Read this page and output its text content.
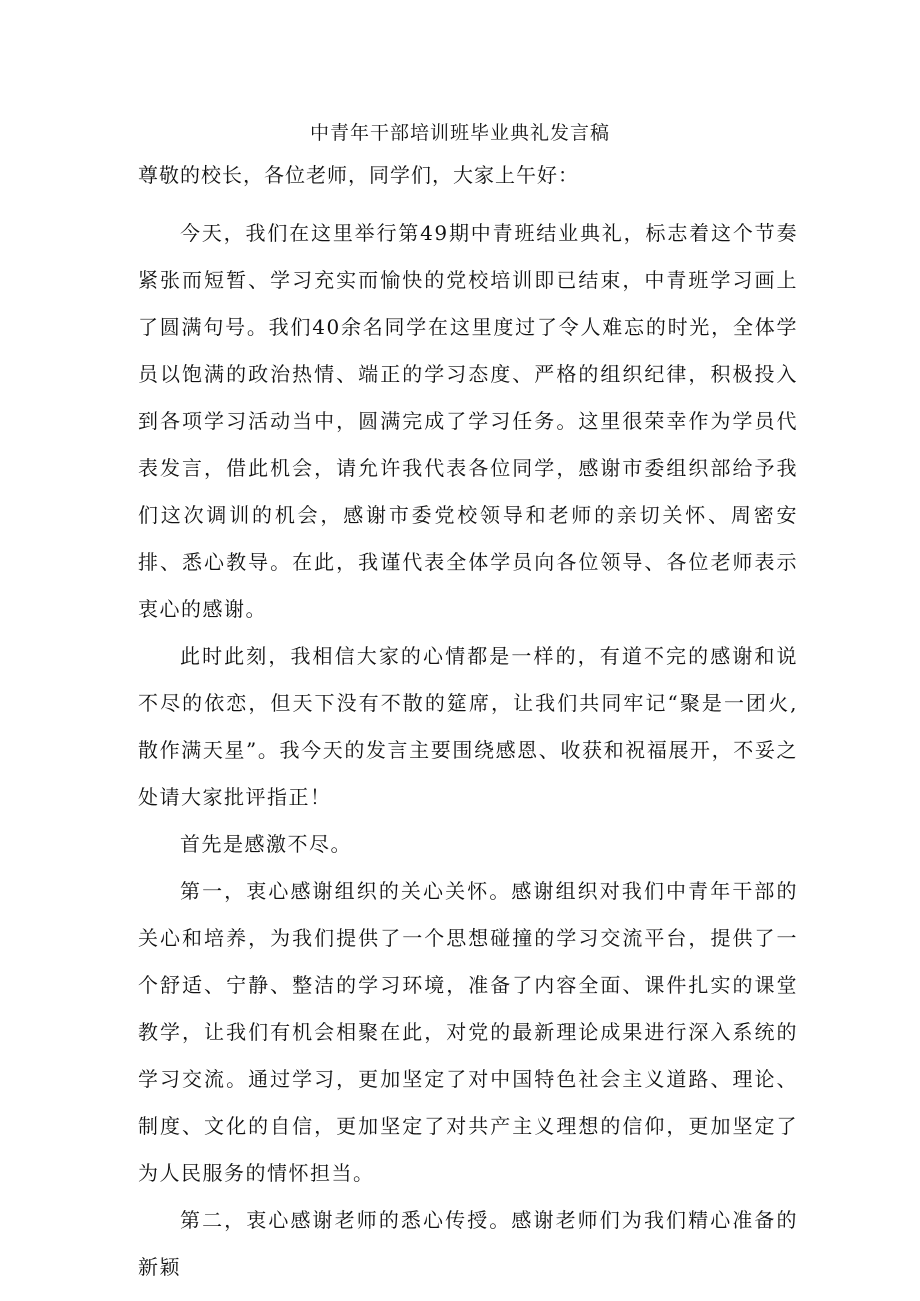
中青年干部培训班毕业典礼发言稿
尊敬的校长，各位老师，同学们，大家上午好：

今天，我们在这里举行第49期中青班结业典礼，标志着这个节奏紧张而短暂、学习充实而愉快的党校培训即已结束，中青班学习画上了圆满句号。我们40余名同学在这里度过了令人难忘的时光，全体学员以饱满的政治热情、端正的学习态度、严格的组织纪律，积极投入到各项学习活动当中，圆满完成了学习任务。这里很荣幸作为学员代表发言，借此机会，请允许我代表各位同学，感谢市委组织部给予我们这次调训的机会，感谢市委党校领导和老师的亲切关怀、周密安排、悉心教导。在此，我谨代表全体学员向各位领导、各位老师表示衷心的感谢。

此时此刻，我相信大家的心情都是一样的，有道不完的感谢和说不尽的依恋，但天下没有不散的筵席，让我们共同牢记“聚是一团火,散作满天星”。我今天的发言主要围绕感恩、收获和祝福展开，不妥之处请大家批评指正！

首先是感激不尽。

第一，衷心感谢组织的关心关怀。感谢组织对我们中青年干部的关心和培养，为我们提供了一个思想碰撞的学习交流平台，提供了一个舒适、宁静、整洁的学习环境，准备了内容全面、课件扎实的课堂教学，让我们有机会相聚在此，对党的最新理论成果进行深入系统的学习交流。通过学习，更加坚定了对中国特色社会主义道路、理论、制度、文化的自信，更加坚定了对共产主义理想的信仰，更加坚定了为人民服务的情怀担当。

第二，衷心感谢老师的悉心传授。感谢老师们为我们精心准备的新颖
